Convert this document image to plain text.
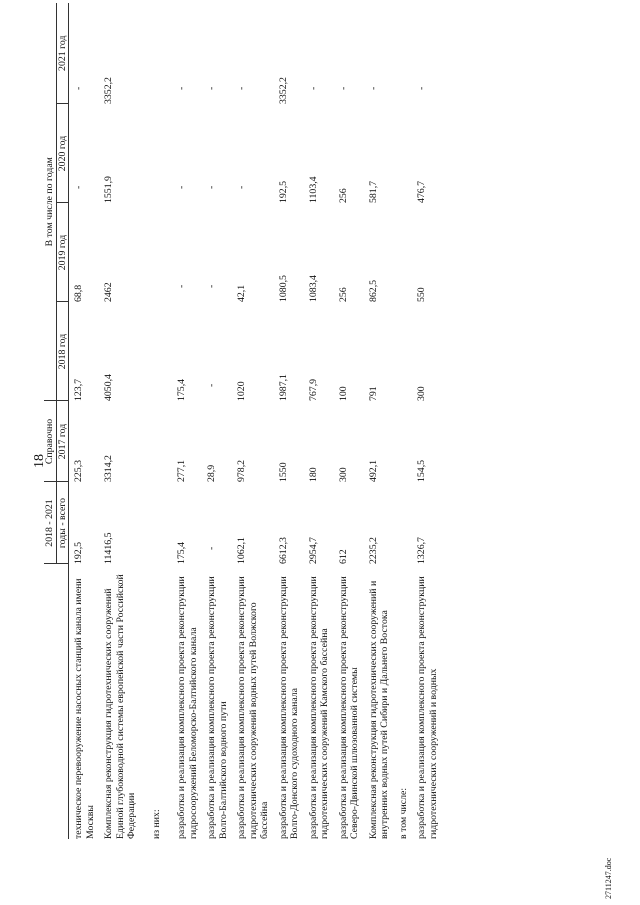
18
	2018 - 2021	Справочно	В том числе по годам			
	годы - всего	2017 год	2018 год	2019 год	2020 год	2021 год
техническое перевооружение насосных станций канала имени Москвы	192,5	225,3	123,7	68,8	-	-
Комплексная реконструкция гидротехнических сооружений Единой глубоководной системы европейской части Российской Федерации	11416,5	3314,2	4050,4	2462	1551,9	3352,2
из них:						
разработка и реализация комплексного проекта реконструкции гидросооружений Беломорско-Балтийского канала	175,4	277,1	175,4	-	-	-
разработка и реализация комплексного проекта реконструкции Волго-Балтийского водного пути	-	28,9	-	-	-	-
разработка и реализация комплексного проекта реконструкции гидротехнических сооружений водных путей Волжского бассейна	1062,1	978,2	1020	42,1	-	-
разработка и реализация комплексного проекта реконструкции Волго-Донского судоходного канала	6612,3	1550	1987,1	1080,5	192,5	3352,2
разработка и реализация комплексного проекта реконструкции гидротехнических сооружений Камского бассейна	2954,7	180	767,9	1083,4	1103,4	-
разработка и реализация комплексного проекта реконструкции Северо-Двинской шлюзованной системы	612	300	100	256	256	-
Комплексная реконструкция гидротехнических сооружений и внутренних водных путей Сибири и Дальнего Востока	2235,2	492,1	791	862,5	581,7	-
в том числе:						
разработка и реализация комплексного проекта реконструкции гидротехнических сооружений и водных	1326,7	154,5	300	550	476,7	-
2711247.doc
